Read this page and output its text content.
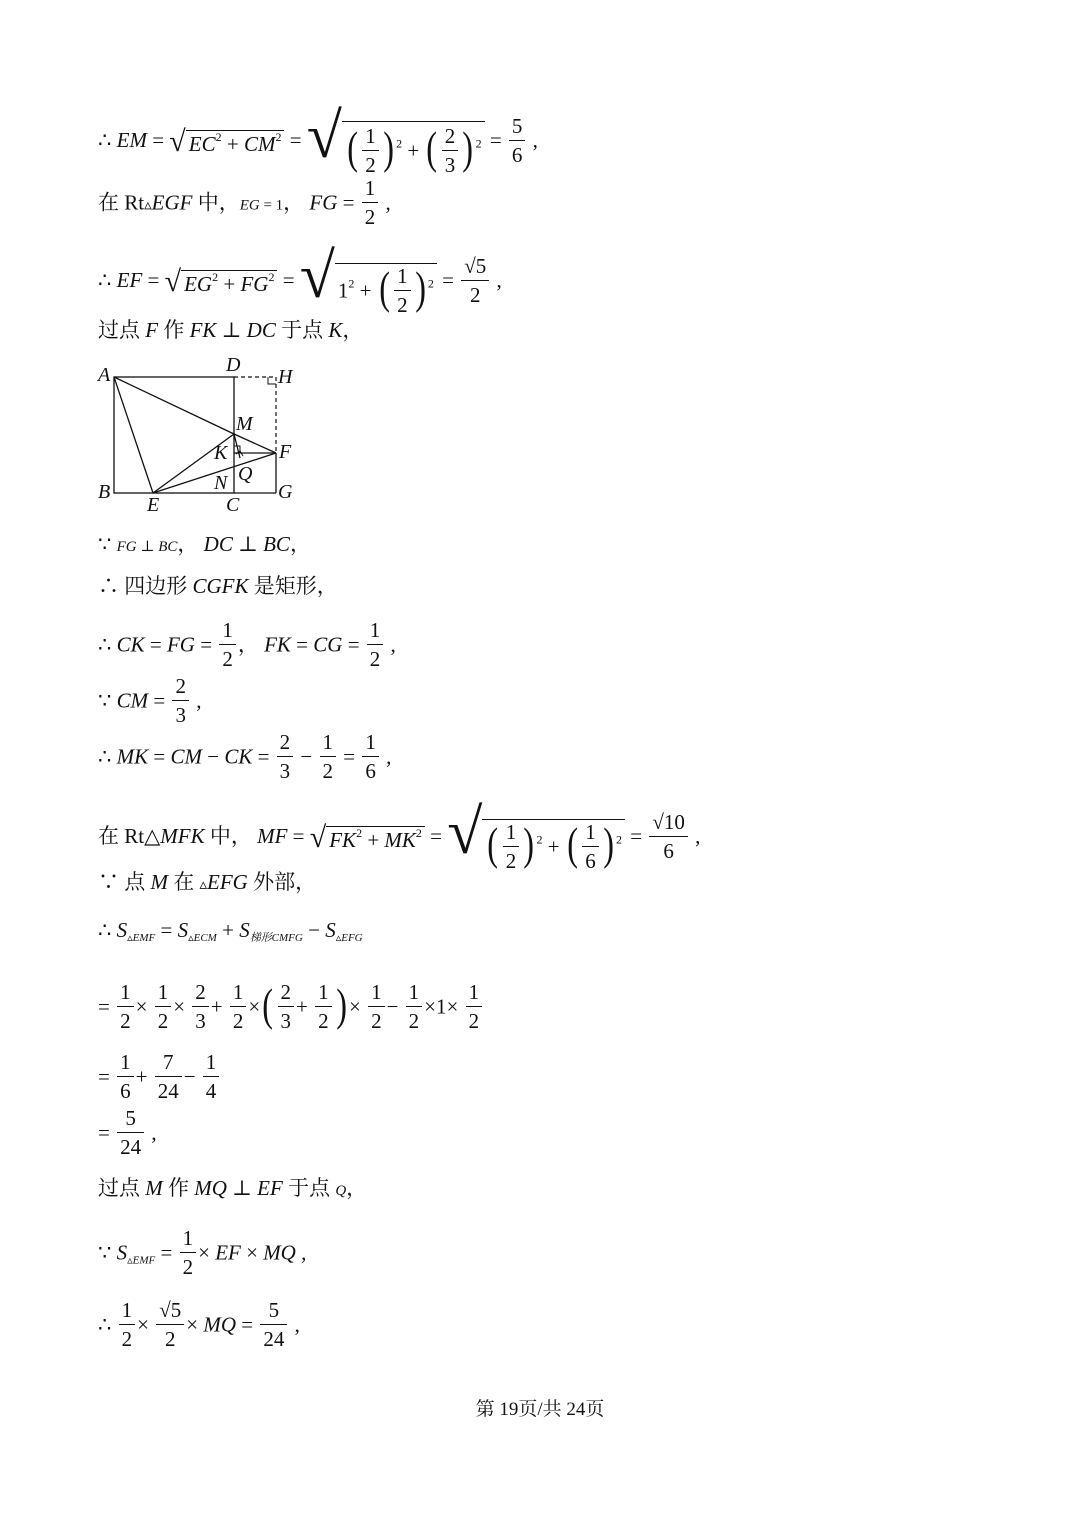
∴ EM = √ $EC^2 + CM^2$ = √ ( $\frac{1}{2}$ ) $^2$ + ( $\frac{2}{3}$ ) $^2 = \frac{5}{6}$ ,
在 Rt▵EGF 中，EG = 1， FG = $\frac{1}{2}$ ,
∴ EF = √ $EG^2 + FG^2$ = √ $1^2$ + ( $\frac{1}{2}$ ) $^2 = \frac{√5}{2}$ ,
过点 F 作 FK ⊥ DC 于点 K，
A	D
H
M
K	F
Q
N
B
E	C
G
∵ FG ⊥ BC， DC ⊥ BC，
∴ 四边形 CGFK 是矩形，
∴ CK = FG = $\frac{1}{2}$ ， FK = CG = $\frac{1}{2}$ ,
∵ CM = $\frac{2}{3}$ ,
∴ MK = CM − CK = $\frac{2}{3} - \frac{1}{2} = \frac{1}{6}$ ,
在 Rt△MFK 中， MF = √ $FK^2 + MK^2$ = √ ( $\frac{1}{2}$ ) $^2$ + ( $\frac{1}{6}$ ) $^2 = \frac{√10}{6}$ ,
∵ 点 M 在 ▵EFG 外部，
∴ $S_{▵EMF} = S_{▵ECM} + S_{梯形CMFG} - S_{▵EFG}$
= $\frac{1}{2} \times \frac{1}{2} \times \frac{2}{3} + \frac{1}{2}$ ×( $\frac{2}{3} + \frac{1}{2}$ ) × $\frac{1}{2} - \frac{1}{2} \times 1\times \frac{1}{2}$
= $\frac{1}{6} + \frac{7}{24} - \frac{1}{4}$
= $\frac{5}{24}$ ,
过点 M 作 MQ ⊥ EF 于点 Q，
∵ $S_{▵EMF} = \frac{1}{2}$ × EF × MQ ,
∴ $\frac{1}{2} \times \frac{√5}{2}$ × MQ = $\frac{5}{24}$ ,
第 19页/共 24页
